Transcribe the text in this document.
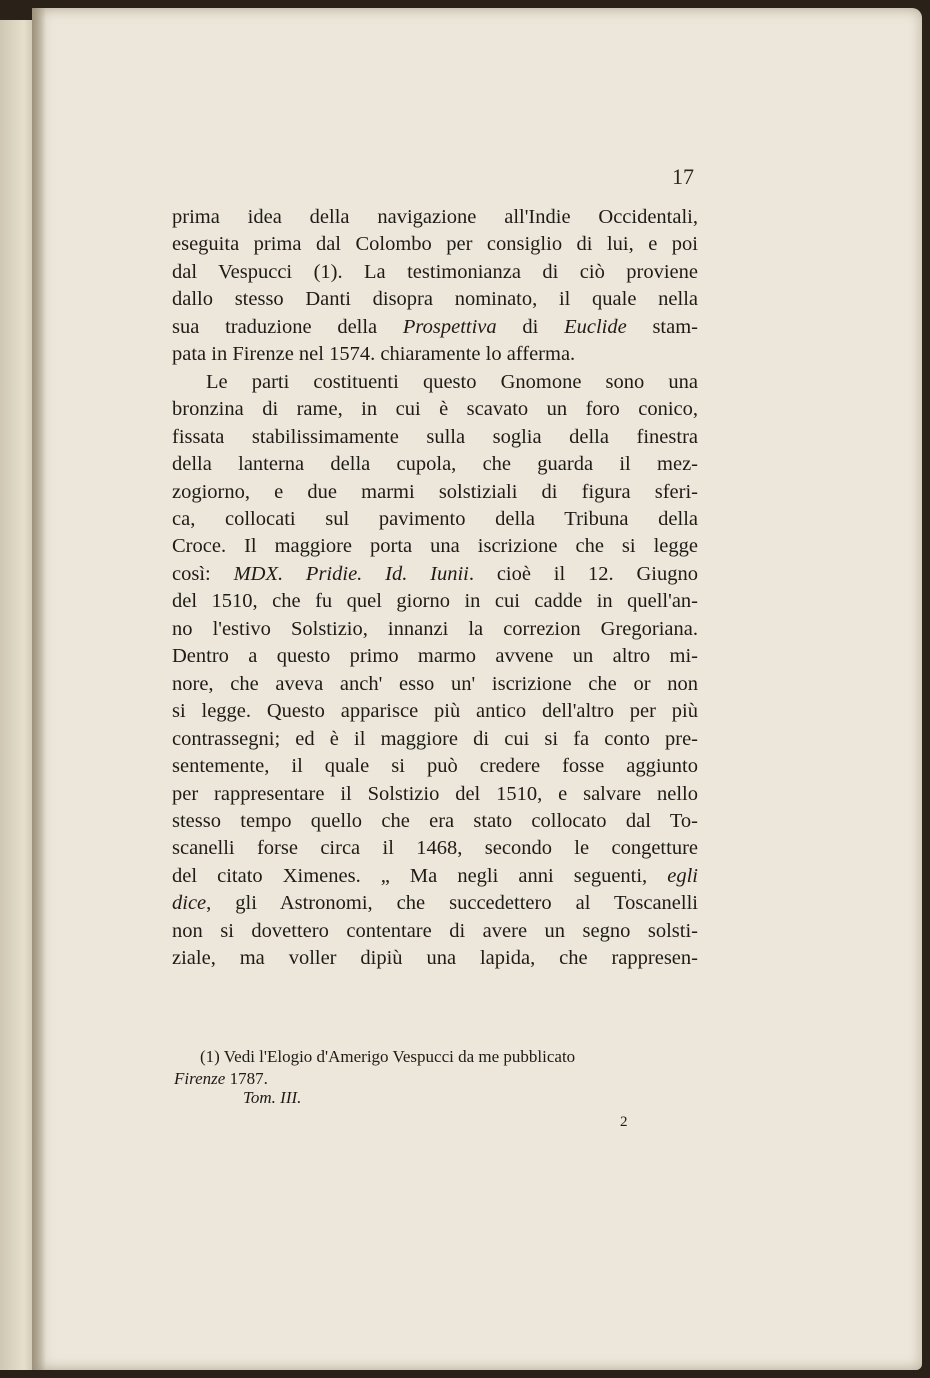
17
prima idea della navigazione all'Indie Occidentali,
eseguita prima dal Colombo per consiglio di lui, e poi
dal Vespucci (1). La testimonianza di ciò proviene
dallo stesso Danti disopra nominato, il quale nella
sua traduzione della Prospettiva di Euclide stam-
pata in Firenze nel 1574. chiaramente lo afferma.
Le parti costituenti questo Gnomone sono una
bronzina di rame, in cui è scavato un foro conico,
fissata stabilissimamente sulla soglia della finestra
della lanterna della cupola, che guarda il mez-
zogiorno, e due marmi solstiziali di figura sferi-
ca, collocati sul pavimento della Tribuna della
Croce. Il maggiore porta una iscrizione che si legge
così: MDX. Pridie. Id. Iunii. cioè il 12. Giugno
del 1510, che fu quel giorno in cui cadde in quell'an-
no l'estivo Solstizio, innanzi la correzion Gregoriana.
Dentro a questo primo marmo avvene un altro mi-
nore, che aveva anch' esso un' iscrizione che or non
si legge. Questo apparisce più antico dell'altro per più
contrassegni; ed è il maggiore di cui si fa conto pre-
sentemente, il quale si può credere fosse aggiunto
per rappresentare il Solstizio del 1510, e salvare nello
stesso tempo quello che era stato collocato dal To-
scanelli forse circa il 1468, secondo le congetture
del citato Ximenes. „ Ma negli anni seguenti, egli
dice, gli Astronomi, che succedettero al Toscanelli
non si dovettero contentare di avere un segno solsti-
ziale, ma voller dipiù una lapida, che rappresen-
(1) Vedi l'Elogio d'Amerigo Vespucci da me pubblicato
Firenze 1787.
Tom. III.
2
